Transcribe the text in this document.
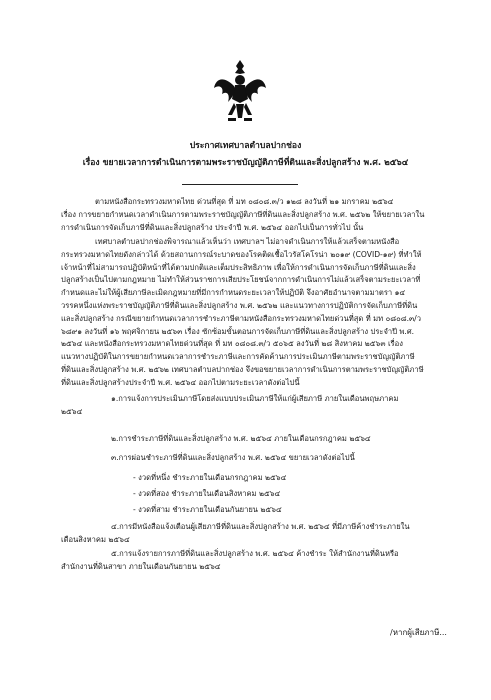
ประกาศเทศบาลตำบลปากช่อง
เรื่อง ขยายเวลาการดำเนินการตามพระราชบัญญัติภาษีที่ดินและสิ่งปลูกสร้าง พ.ศ. ๒๕๖๔
ตามหนังสือกระทรวงมหาดไทย ด่วนที่สุด ที่ มท ๐๘๐๘.๓/ว ๑๒๘ ลงวันที่ ๒๑ มกราคม ๒๕๖๔
เรื่อง การขยายกำหนดเวลาดำเนินการตามพระราชบัญญัติภาษีที่ดินและสิ่งปลูกสร้าง พ.ศ. ๒๕๖๒ ให้ขยายเวลาใน
การดำเนินการจัดเก็บภาษีที่ดินและสิ่งปลูกสร้าง ประจำปี พ.ศ. ๒๕๖๔ ออกไปเป็นการทั่วไป นั้น
เทศบาลตำบลปากช่องพิจารณาแล้วเห็นว่า เทศบาลฯ ไม่อาจดำเนินการให้แล้วเสร็จตามหนังสือ
กระทรวงมหาดไทยดังกล่าวได้ ด้วยสถานการณ์ระบาดของโรคติดเชื้อไวรัสโคโรน่า ๒๐๑๙ (COVID-๑๙) ที่ทำให้
เจ้าหน้าที่ไม่สามารถปฏิบัติหน้าที่ได้ตามปกติและเต็มประสิทธิภาพ เพื่อให้การดำเนินการจัดเก็บภาษีที่ดินและสิ่ง
ปลูกสร้างเป็นไปตามกฎหมาย ไม่ทำให้ส่วนราชการเสียประโยชน์จากการดำเนินการไม่แล้วเสร็จตามระยะเวลาที่
กำหนดและไม่ให้ผู้เสียภาษีละเมิดกฎหมายที่มีการกำหนดระยะเวลาให้ปฏิบัติ จึงอาศัยอำนาจตามมาตรา ๑๔
วรรคหนึ่งแห่งพระราชบัญญัติภาษีที่ดินและสิ่งปลูกสร้าง พ.ศ. ๒๕๖๒ และแนวทางการปฏิบัติการจัดเก็บภาษีที่ดิน
และสิ่งปลูกสร้าง กรณีขยายกำหนดเวลาการชำระภาษีตามหนังสือกระทรวงมหาดไทยด่วนที่สุด ที่ มท ๐๘๐๘.๓/ว
๖๘๙๑ ลงวันที่ ๑๖ พฤศจิกายน ๒๕๖๓ เรื่อง ซักซ้อมขั้นตอนการจัดเก็บภาษีที่ดินและสิ่งปลูกสร้าง ประจำปี พ.ศ.
๒๕๖๔ และหนังสือกระทรวงมหาดไทยด่วนที่สุด ที่ มท ๐๘๐๘.๓/ว ๕๐๖๕ ลงวันที่ ๒๘ สิงหาคม ๒๕๖๓ เรื่อง
แนวทางปฏิบัติในการขยายกำหนดเวลาการชำระภาษีและการคัดค้านการประเมินภาษีตามพระราชบัญญัติภาษี
ที่ดินและสิ่งปลูกสร้าง พ.ศ. ๒๕๖๒ เทศบาลตำบลปากช่อง จึงขอขยายเวลาการดำเนินการตามพระราชบัญญัติภาษี
ที่ดินและสิ่งปลูกสร้างประจำปี พ.ศ. ๒๕๖๔ ออกไปตามระยะเวลาดังต่อไปนี้
๑.การแจ้งการประเมินภาษีโดยส่งแบบประเมินภาษีให้แก่ผู้เสียภาษี ภายในเดือนพฤษภาคม
๒๕๖๔
๒.การชำระภาษีที่ดินและสิ่งปลูกสร้าง พ.ศ. ๒๕๖๔ ภายในเดือนกรกฎาคม ๒๕๖๔
๓.การผ่อนชำระภาษีที่ดินและสิ่งปลูกสร้าง พ.ศ. ๒๕๖๔ ขยายเวลาดังต่อไปนี้
- งวดที่หนึ่ง ชำระภายในเดือนกรกฎาคม ๒๕๖๔
- งวดที่สอง ชำระภายในเดือนสิงหาคม ๒๕๖๔
- งวดที่สาม ชำระภายในเดือนกันยายน ๒๕๖๔
๔.การมีหนังสือแจ้งเตือนผู้เสียภาษีที่ดินและสิ่งปลูกสร้าง พ.ศ. ๒๕๖๔ ที่มีภาษีค้างชำระภายใน
เดือนสิงหาคม ๒๕๖๔
๕.การแจ้งรายการภาษีที่ดินและสิ่งปลูกสร้าง พ.ศ. ๒๕๖๔ ค้างชำระ ให้สำนักงานที่ดินหรือ
สำนักงานที่ดินสาขา ภายในเดือนกันยายน ๒๕๖๔
/หากผู้เสียภาษี...
